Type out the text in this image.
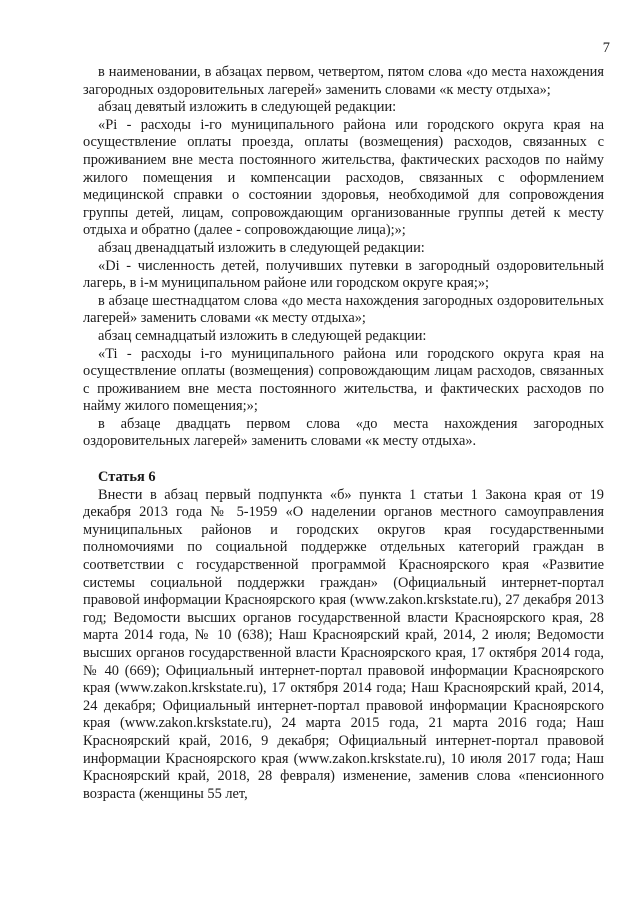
7

в наименовании, в абзацах первом, четвертом, пятом слова «до места нахождения загородных оздоровительных лагерей» заменить словами «к месту отдыха»;

абзац девятый изложить в следующей редакции:

«Pi - расходы i-го муниципального района или городского округа края на осуществление оплаты проезда, оплаты (возмещения) расходов, связанных с проживанием вне места постоянного жительства, фактических расходов по найму жилого помещения и компенсации расходов, связанных с оформлением медицинской справки о состоянии здоровья, необходимой для сопровождения группы детей, лицам, сопровождающим организованные группы детей к месту отдыха и обратно (далее - сопровождающие лица);»;

абзац двенадцатый изложить в следующей редакции:

«Di - численность детей, получивших путевки в загородный оздоровительный лагерь, в i-м муниципальном районе или городском округе края;»;

в абзаце шестнадцатом слова «до места нахождения загородных оздоровительных лагерей» заменить словами «к месту отдыха»;

абзац семнадцатый изложить в следующей редакции:

«Ti - расходы i-го муниципального района или городского округа края на осуществление оплаты (возмещения) сопровождающим лицам расходов, связанных с проживанием вне места постоянного жительства, и фактических расходов по найму жилого помещения;»;

в абзаце двадцать первом слова «до места нахождения загородных оздоровительных лагерей» заменить словами «к месту отдыха».

Статья 6

Внести в абзац первый подпункта «б» пункта 1 статьи 1 Закона края от 19 декабря 2013 года № 5-1959 «О наделении органов местного самоуправления муниципальных районов и городских округов края государственными полномочиями по социальной поддержке отдельных категорий граждан в соответствии с государственной программой Красноярского края «Развитие системы социальной поддержки граждан» (Официальный интернет-портал правовой информации Красноярского края (www.zakon.krskstate.ru), 27 декабря 2013 год; Ведомости высших органов государственной власти Красноярского края, 28 марта 2014 года, № 10 (638); Наш Красноярский край, 2014, 2 июля; Ведомости высших органов государственной власти Красноярского края, 17 октября 2014 года, № 40 (669); Официальный интернет-портал правовой информации Красноярского края (www.zakon.krskstate.ru), 17 октября 2014 года; Наш Красноярский край, 2014, 24 декабря; Официальный интернет-портал правовой информации Красноярского края (www.zakon.krskstate.ru), 24 марта 2015 года, 21 марта 2016 года; Наш Красноярский край, 2016, 9 декабря; Официальный интернет-портал правовой информации Красноярского края (www.zakon.krskstate.ru), 10 июля 2017 года; Наш Красноярский край, 2018, 28 февраля) изменение, заменив слова «пенсионного возраста (женщины 55 лет,
